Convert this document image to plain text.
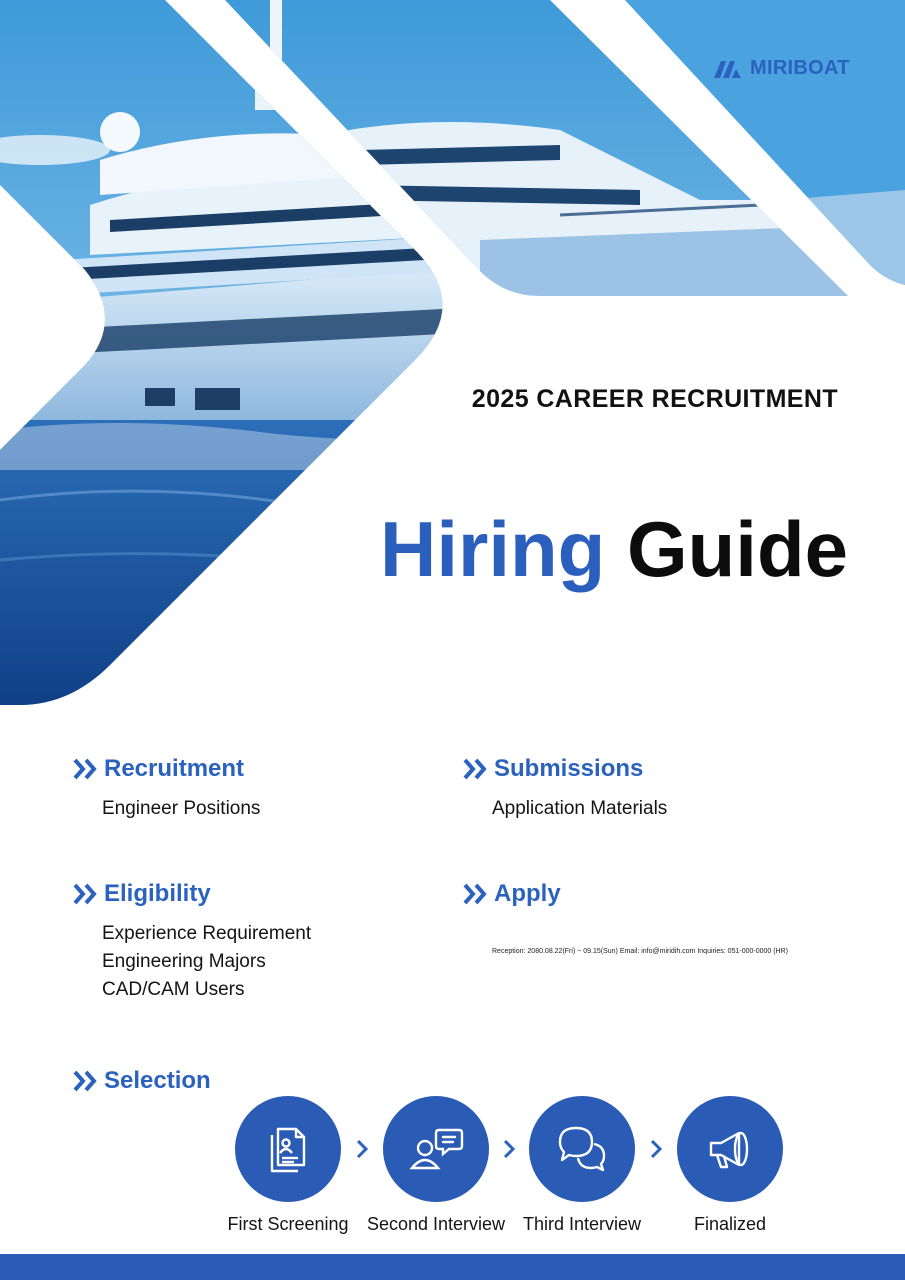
MIRIBOAT
2025 CAREER RECRUITMENT
Hiring Guide
Recruitment
Engineer Positions
Submissions
Application Materials
Eligibility
Experience Requirement
Engineering Majors
CAD/CAM Users
Apply
Reception: 2080.08.22(Fri) ~ 09.15(Sun) Email: info@miridih.com Inquiries: 051-000-0000 (HR)
Selection
First Screening	Second Interview Third Interview	Finalized
